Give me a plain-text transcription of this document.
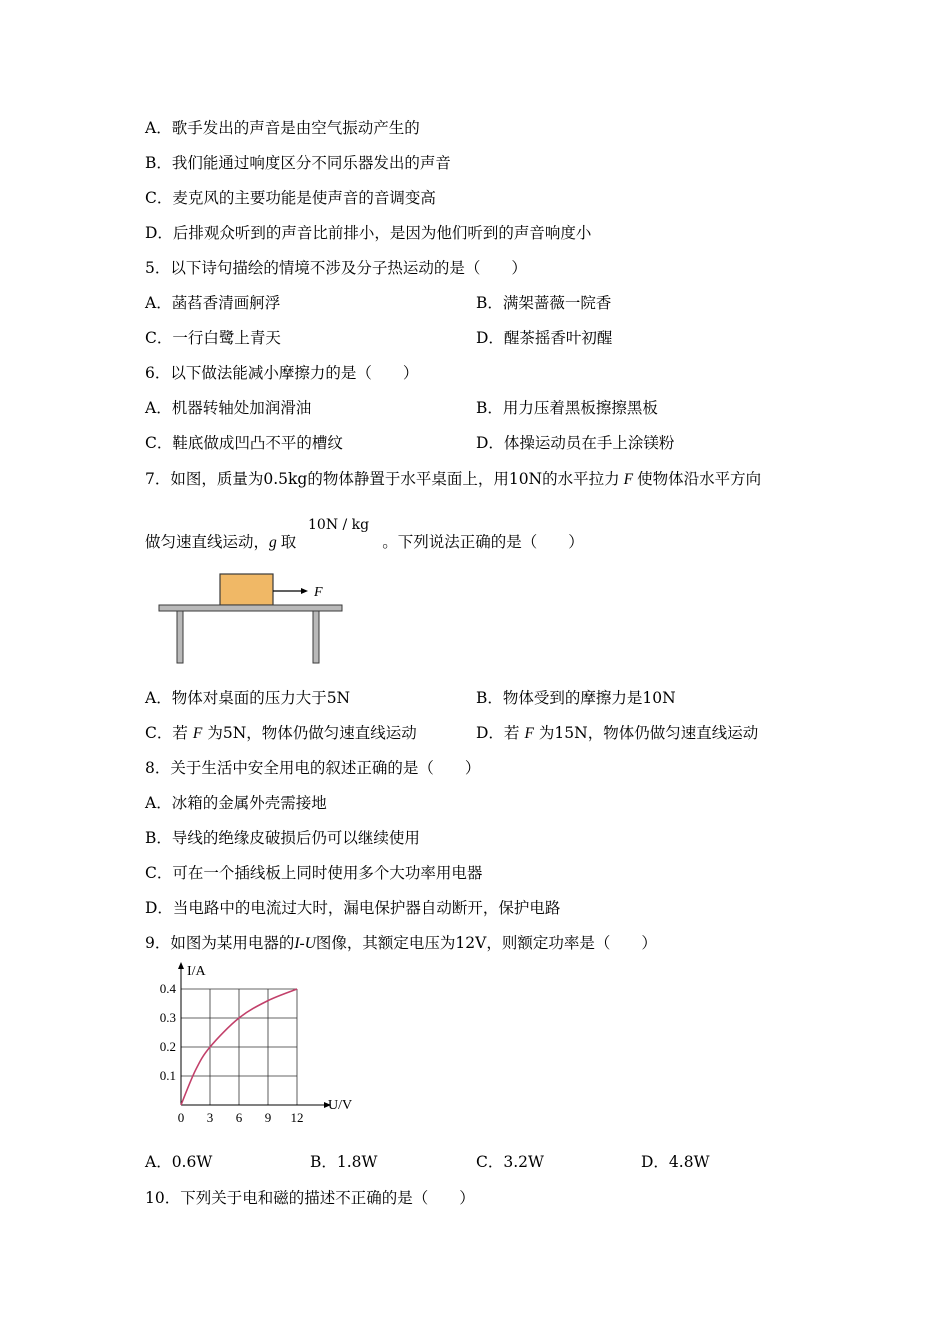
A．歌手发出的声音是由空气振动产生的
B．我们能通过响度区分不同乐器发出的声音
C．麦克风的主要功能是使声音的音调变高
D．后排观众听到的声音比前排小，是因为他们听到的声音响度小
5．以下诗句描绘的情境不涉及分子热运动的是（　　）
A．菡萏香清画舸浮	B．满架蔷薇一院香
C．一行白鹭上青天	D．醒茶摇香叶初醒
6．以下做法能减小摩擦力的是（　　）
A．机器转轴处加润滑油	B．用力压着黑板擦擦黑板
C．鞋底做成凹凸不平的槽纹	D．体操运动员在手上涂镁粉
7．如图，质量为0.5kg的物体静置于水平桌面上，用10N的水平拉力 F 使物体沿水平方向
10N / kg
做匀速直线运动，g 取	。下列说法正确的是（　　）
F
A．物体对桌面的压力大于5N	B．物体受到的摩擦力是10N
C．若 F 为5N，物体仍做匀速直线运动	D．若 F 为15N，物体仍做匀速直线运动
8．关于生活中安全用电的叙述正确的是（　　）
A．冰箱的金属外壳需接地
B．导线的绝缘皮破损后仍可以继续使用
C．可在一个插线板上同时使用多个大功率用电器
D．当电路中的电流过大时，漏电保护器自动断开，保护电路
9．如图为某用电器的I-U图像，其额定电压为12V，则额定功率是（　　）
0 3 6 9 12
0.1
0.2
0.3
0.4
I/A
U/V
A．0.6W	B．1.8W	C．3.2W	D．4.8W
10．下列关于电和磁的描述不正确的是（　　）
